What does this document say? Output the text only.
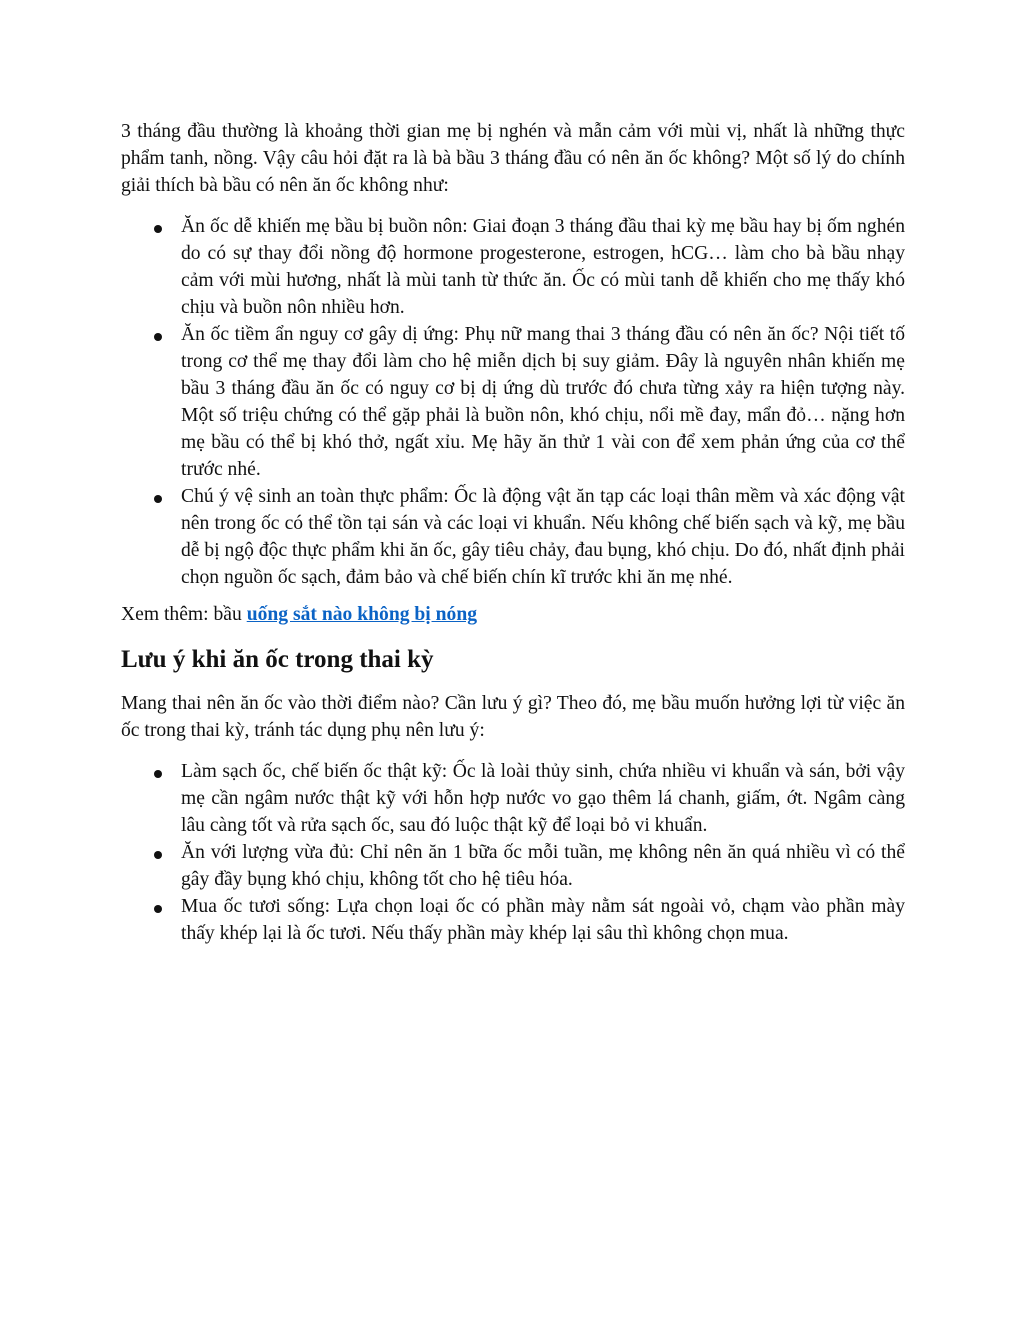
3 tháng đầu thường là khoảng thời gian mẹ bị nghén và mẫn cảm với mùi vị, nhất là những thực phẩm tanh, nồng. Vậy câu hỏi đặt ra là bà bầu 3 tháng đầu có nên ăn ốc không? Một số lý do chính giải thích bà bầu có nên ăn ốc không như:

Ăn ốc dễ khiến mẹ bầu bị buồn nôn: Giai đoạn 3 tháng đầu thai kỳ mẹ bầu hay bị ốm nghén do có sự thay đổi nồng độ hormone progesterone, estrogen, hCG… làm cho bà bầu nhạy cảm với mùi hương, nhất là mùi tanh từ thức ăn. Ốc có mùi tanh dễ khiến cho mẹ thấy khó chịu và buồn nôn nhiều hơn.
Ăn ốc tiềm ẩn nguy cơ gây dị ứng: Phụ nữ mang thai 3 tháng đầu có nên ăn ốc? Nội tiết tố trong cơ thể mẹ thay đổi làm cho hệ miễn dịch bị suy giảm. Đây là nguyên nhân khiến mẹ bầu 3 tháng đầu ăn ốc có nguy cơ bị dị ứng dù trước đó chưa từng xảy ra hiện tượng này. Một số triệu chứng có thể gặp phải là buồn nôn, khó chịu, nổi mề đay, mẩn đỏ… nặng hơn mẹ bầu có thể bị khó thở, ngất xỉu. Mẹ hãy ăn thử 1 vài con để xem phản ứng của cơ thể trước nhé.
Chú ý vệ sinh an toàn thực phẩm: Ốc là động vật ăn tạp các loại thân mềm và xác động vật nên trong ốc có thể tồn tại sán và các loại vi khuẩn. Nếu không chế biến sạch và kỹ, mẹ bầu dễ bị ngộ độc thực phẩm khi ăn ốc, gây tiêu chảy, đau bụng, khó chịu. Do đó, nhất định phải chọn nguồn ốc sạch, đảm bảo và chế biến chín kĩ trước khi ăn mẹ nhé.

Xem thêm: bầu uống sắt nào không bị nóng

Lưu ý khi ăn ốc trong thai kỳ

Mang thai nên ăn ốc vào thời điểm nào? Cần lưu ý gì? Theo đó, mẹ bầu muốn hưởng lợi từ việc ăn ốc trong thai kỳ, tránh tác dụng phụ nên lưu ý:

Làm sạch ốc, chế biến ốc thật kỹ: Ốc là loài thủy sinh, chứa nhiều vi khuẩn và sán, bởi vậy mẹ cần ngâm nước thật kỹ với hỗn hợp nước vo gạo thêm lá chanh, giấm, ớt. Ngâm càng lâu càng tốt và rửa sạch ốc, sau đó luộc thật kỹ để loại bỏ vi khuẩn.
Ăn với lượng vừa đủ: Chỉ nên ăn 1 bữa ốc mỗi tuần, mẹ không nên ăn quá nhiều vì có thể gây đầy bụng khó chịu, không tốt cho hệ tiêu hóa.
Mua ốc tươi sống: Lựa chọn loại ốc có phần mày nằm sát ngoài vỏ, chạm vào phần mày thấy khép lại là ốc tươi. Nếu thấy phần mày khép lại sâu thì không chọn mua.
